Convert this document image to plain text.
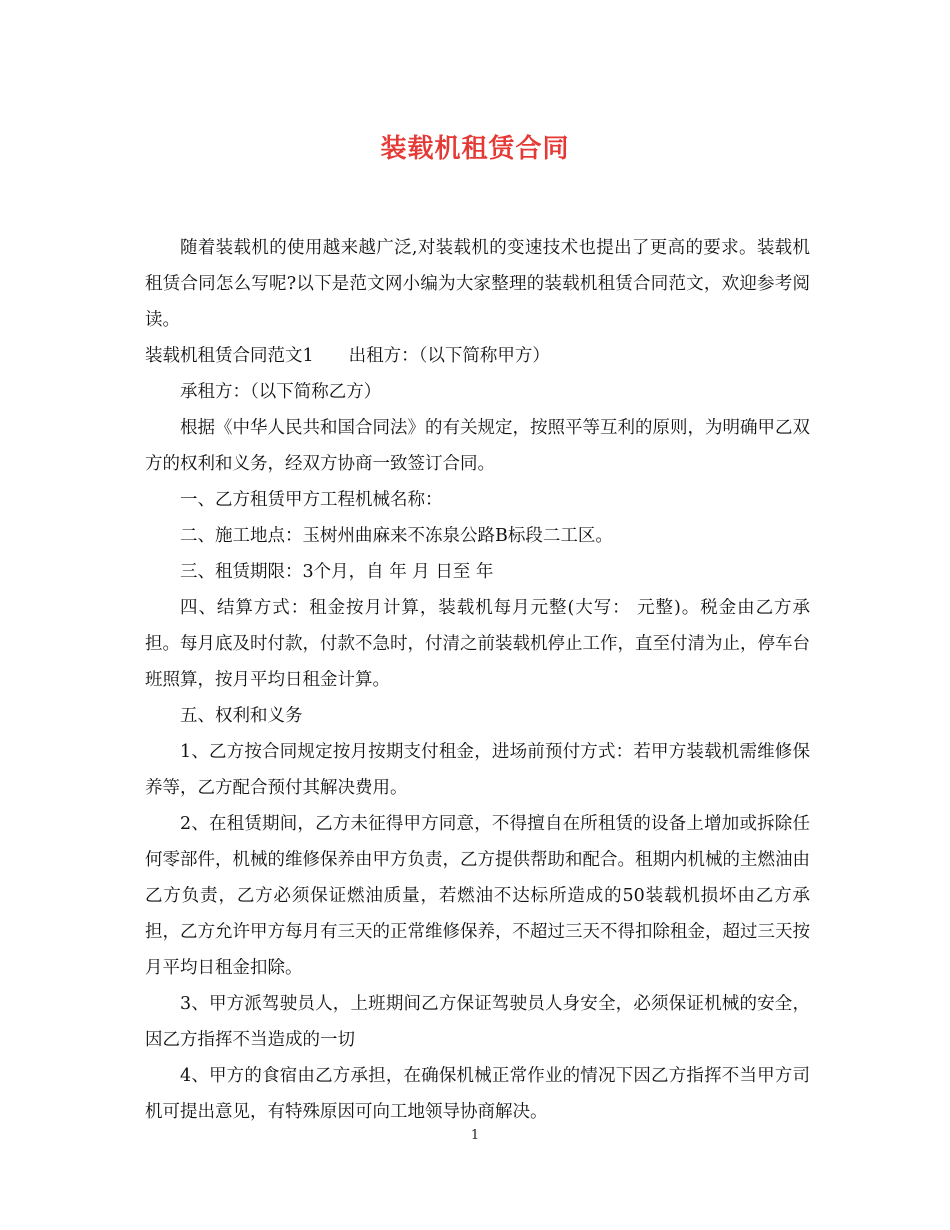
装载机租赁合同

随着装载机的使用越来越广泛,对装载机的变速技术也提出了更高的要求。装载机租赁合同怎么写呢?以下是范文网小编为大家整理的装载机租赁合同范文，欢迎参考阅读。

装载机租赁合同范文1　　出租方：（以下简称甲方）

承租方：（以下简称乙方）

根据《中华人民共和国合同法》的有关规定，按照平等互利的原则，为明确甲乙双方的权利和义务，经双方协商一致签订合同。

一、乙方租赁甲方工程机械名称：

二、施工地点：玉树州曲麻来不冻泉公路B标段二工区。

三、租赁期限：3个月，自 年 月 日至 年

四、结算方式：租金按月计算，装载机每月元整(大写： 元整)。税金由乙方承担。每月底及时付款，付款不急时，付清之前装载机停止工作，直至付清为止，停车台班照算，按月平均日租金计算。

五、权利和义务

1、乙方按合同规定按月按期支付租金，进场前预付方式：若甲方装载机需维修保养等，乙方配合预付其解决费用。

2、在租赁期间，乙方未征得甲方同意，不得擅自在所租赁的设备上增加或拆除任何零部件，机械的维修保养由甲方负责，乙方提供帮助和配合。租期内机械的主燃油由乙方负责，乙方必须保证燃油质量，若燃油不达标所造成的50装载机损坏由乙方承担，乙方允许甲方每月有三天的正常维修保养，不超过三天不得扣除租金，超过三天按月平均日租金扣除。

3、甲方派驾驶员人，上班期间乙方保证驾驶员人身安全，必须保证机械的安全，因乙方指挥不当造成的一切

4、甲方的食宿由乙方承担，在确保机械正常作业的情况下因乙方指挥不当甲方司机可提出意见，有特殊原因可向工地领导协商解决。

1
